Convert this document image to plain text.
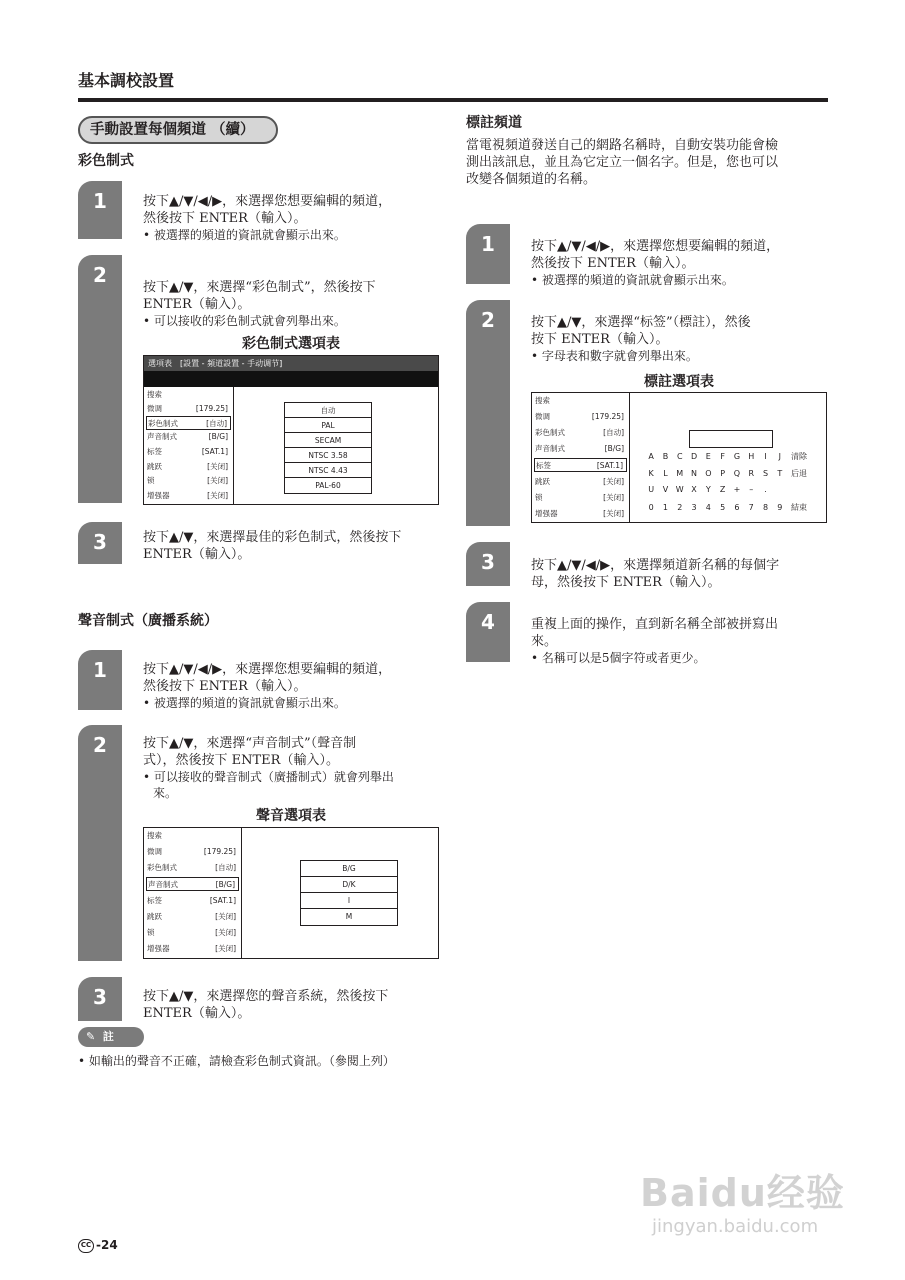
基本調校設置
手動設置每個頻道 （續）
彩色制式
1	按下▲/▼/◀/▶，來選擇您想要編輯的頻道，
然後按下 ENTER（輸入）。
• 被選擇的頻道的資訊就會顯示出來。
2
按下▲/▼，來選擇“彩色制式”，然後按下
ENTER（輸入）。
• 可以接收的彩色制式就會列舉出來。
彩色制式選項表
選項表　[設置 ‐ 頻道設置 ‐ 手动调节]
搜索
微调	[179.25]
彩色制式	[自动]
声音制式	[B/G]
标签	[SAT.1]
跳跃	[关闭]
锁	[关闭]
增强器	[关闭]
自动
PAL
SECAM
NTSC 3.58
NTSC 4.43
PAL-60
3	按下▲/▼，來選擇最佳的彩色制式，然後按下
ENTER（輸入）。
聲音制式（廣播系統）
1	按下▲/▼/◀/▶，來選擇您想要編輯的頻道，
然後按下 ENTER（輸入）。
• 被選擇的頻道的資訊就會顯示出來。
2	按下▲/▼，來選擇“声音制式”（聲音制
式），然後按下 ENTER（輸入）。
• 可以接收的聲音制式（廣播制式）就會列舉出
來。
聲音選項表
搜索
微调	[179.25]
彩色制式	[自动]
声音制式	[B/G]
标签	[SAT.1]
跳跃	[关闭]
锁	[关闭]
增强器	[关闭]
B/G
D/K
I
M
3	按下▲/▼，來選擇您的聲音系統，然後按下
ENTER（輸入）。
✎ 註
• 如輸出的聲音不正確，請檢查彩色制式資訊。（參閱上列）
標註頻道
當電視頻道發送自己的網路名稱時，自動安裝功能會檢
測出該訊息，並且為它定立一個名字。但是，您也可以
改變各個頻道的名稱。
1	按下▲/▼/◀/▶，來選擇您想要編輯的頻道，
然後按下 ENTER（輸入）。
• 被選擇的頻道的資訊就會顯示出來。
2	按下▲/▼，來選擇“标签”（標註），然後
按下 ENTER（輸入）。
• 字母表和數字就會列舉出來。
標註選項表
搜索
微调	[179.25]
彩色制式	[自动]
声音制式	[B/G]
标签	[SAT.1]
跳跃	[关闭]
锁	[关闭]
增强器	[关闭]
A B C D E F G H I J 清除
K L M N O P Q R S T 后退
U V W X Y Z + – .
0 1 2 3 4 5 6 7 8 9 結束
3	按下▲/▼/◀/▶，來選擇頻道新名稱的每個字
母，然後按下 ENTER（輸入）。
4	重複上面的操作，直到新名稱全部被拼寫出
來。
• 名稱可以是5個字符或者更少。
Baidu经验
jingyan.baidu.com
CC -24
